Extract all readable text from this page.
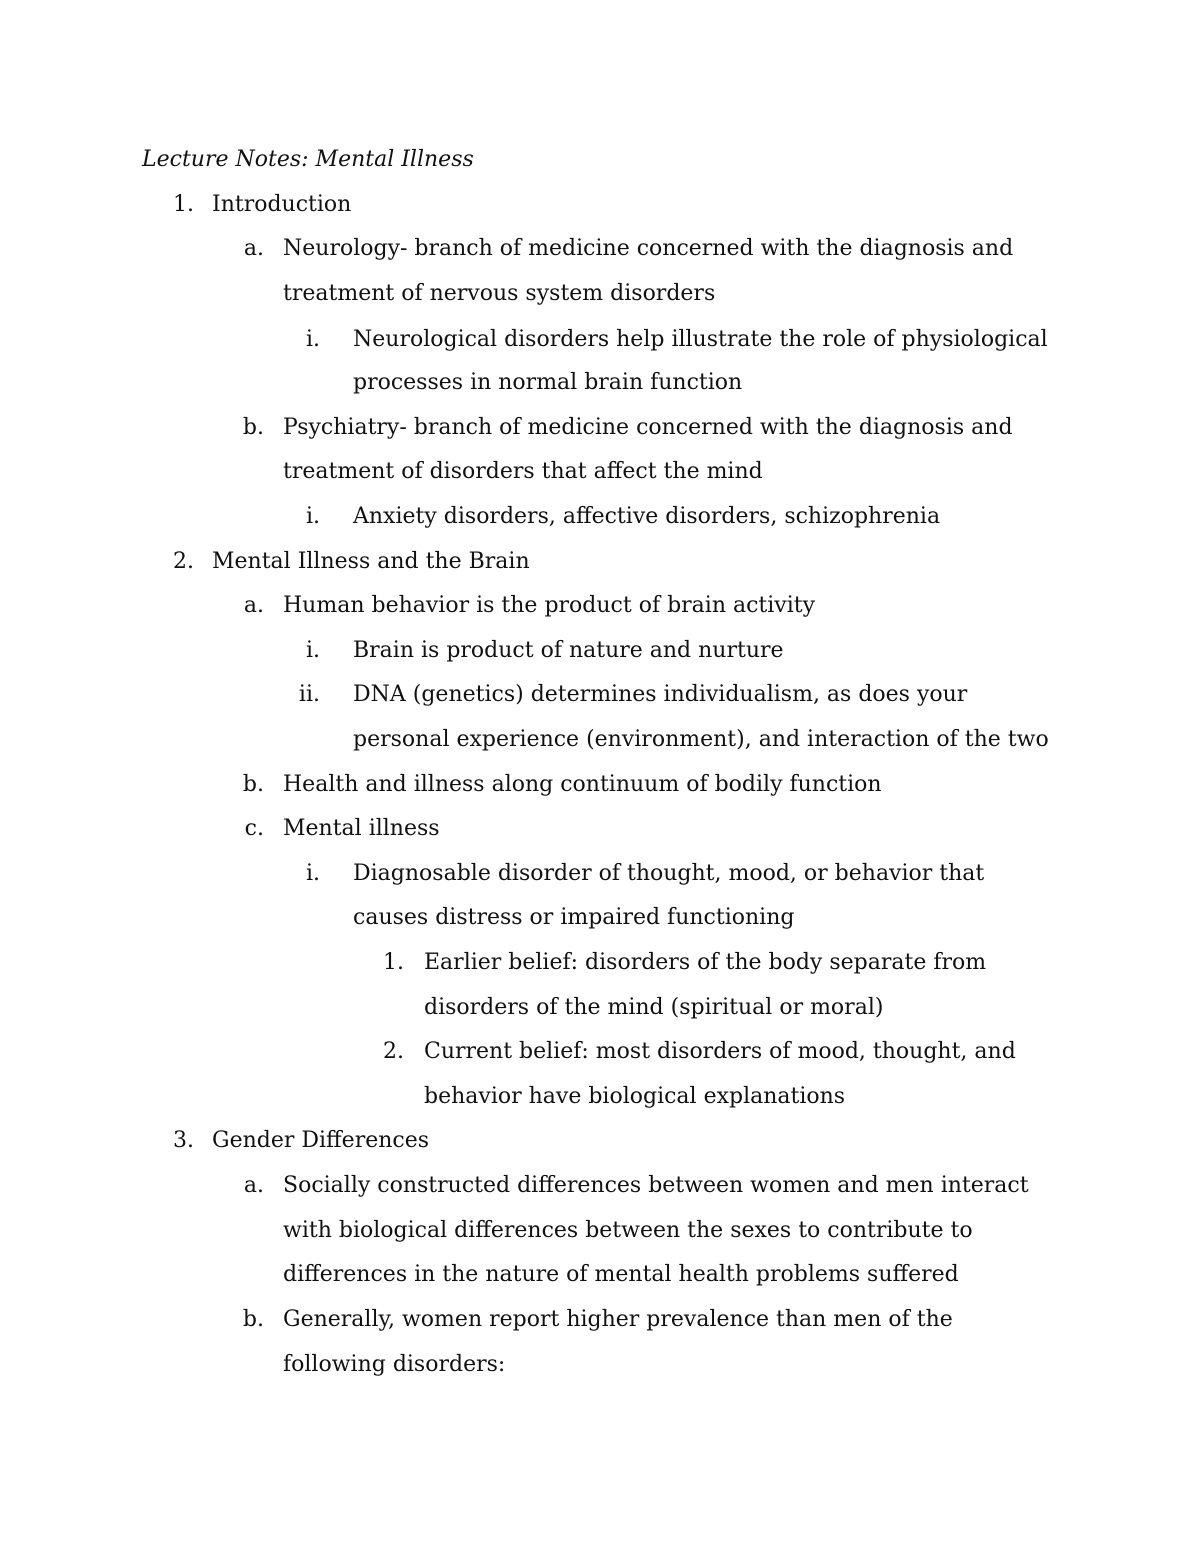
Lecture Notes: Mental Illness
1. Introduction
a. Neurology- branch of medicine concerned with the diagnosis and
treatment of nervous system disorders
i. Neurological disorders help illustrate the role of physiological
processes in normal brain function
b. Psychiatry- branch of medicine concerned with the diagnosis and
treatment of disorders that affect the mind
i. Anxiety disorders, affective disorders, schizophrenia
2. Mental Illness and the Brain
a. Human behavior is the product of brain activity
i. Brain is product of nature and nurture
ii. DNA (genetics) determines individualism, as does your
personal experience (environment), and interaction of the two
b. Health and illness along continuum of bodily function
c. Mental illness
i. Diagnosable disorder of thought, mood, or behavior that
causes distress or impaired functioning
1. Earlier belief: disorders of the body separate from
disorders of the mind (spiritual or moral)
2. Current belief: most disorders of mood, thought, and
behavior have biological explanations
3. Gender Differences
a. Socially constructed differences between women and men interact
with biological differences between the sexes to contribute to
differences in the nature of mental health problems suffered
b. Generally, women report higher prevalence than men of the
following disorders:
